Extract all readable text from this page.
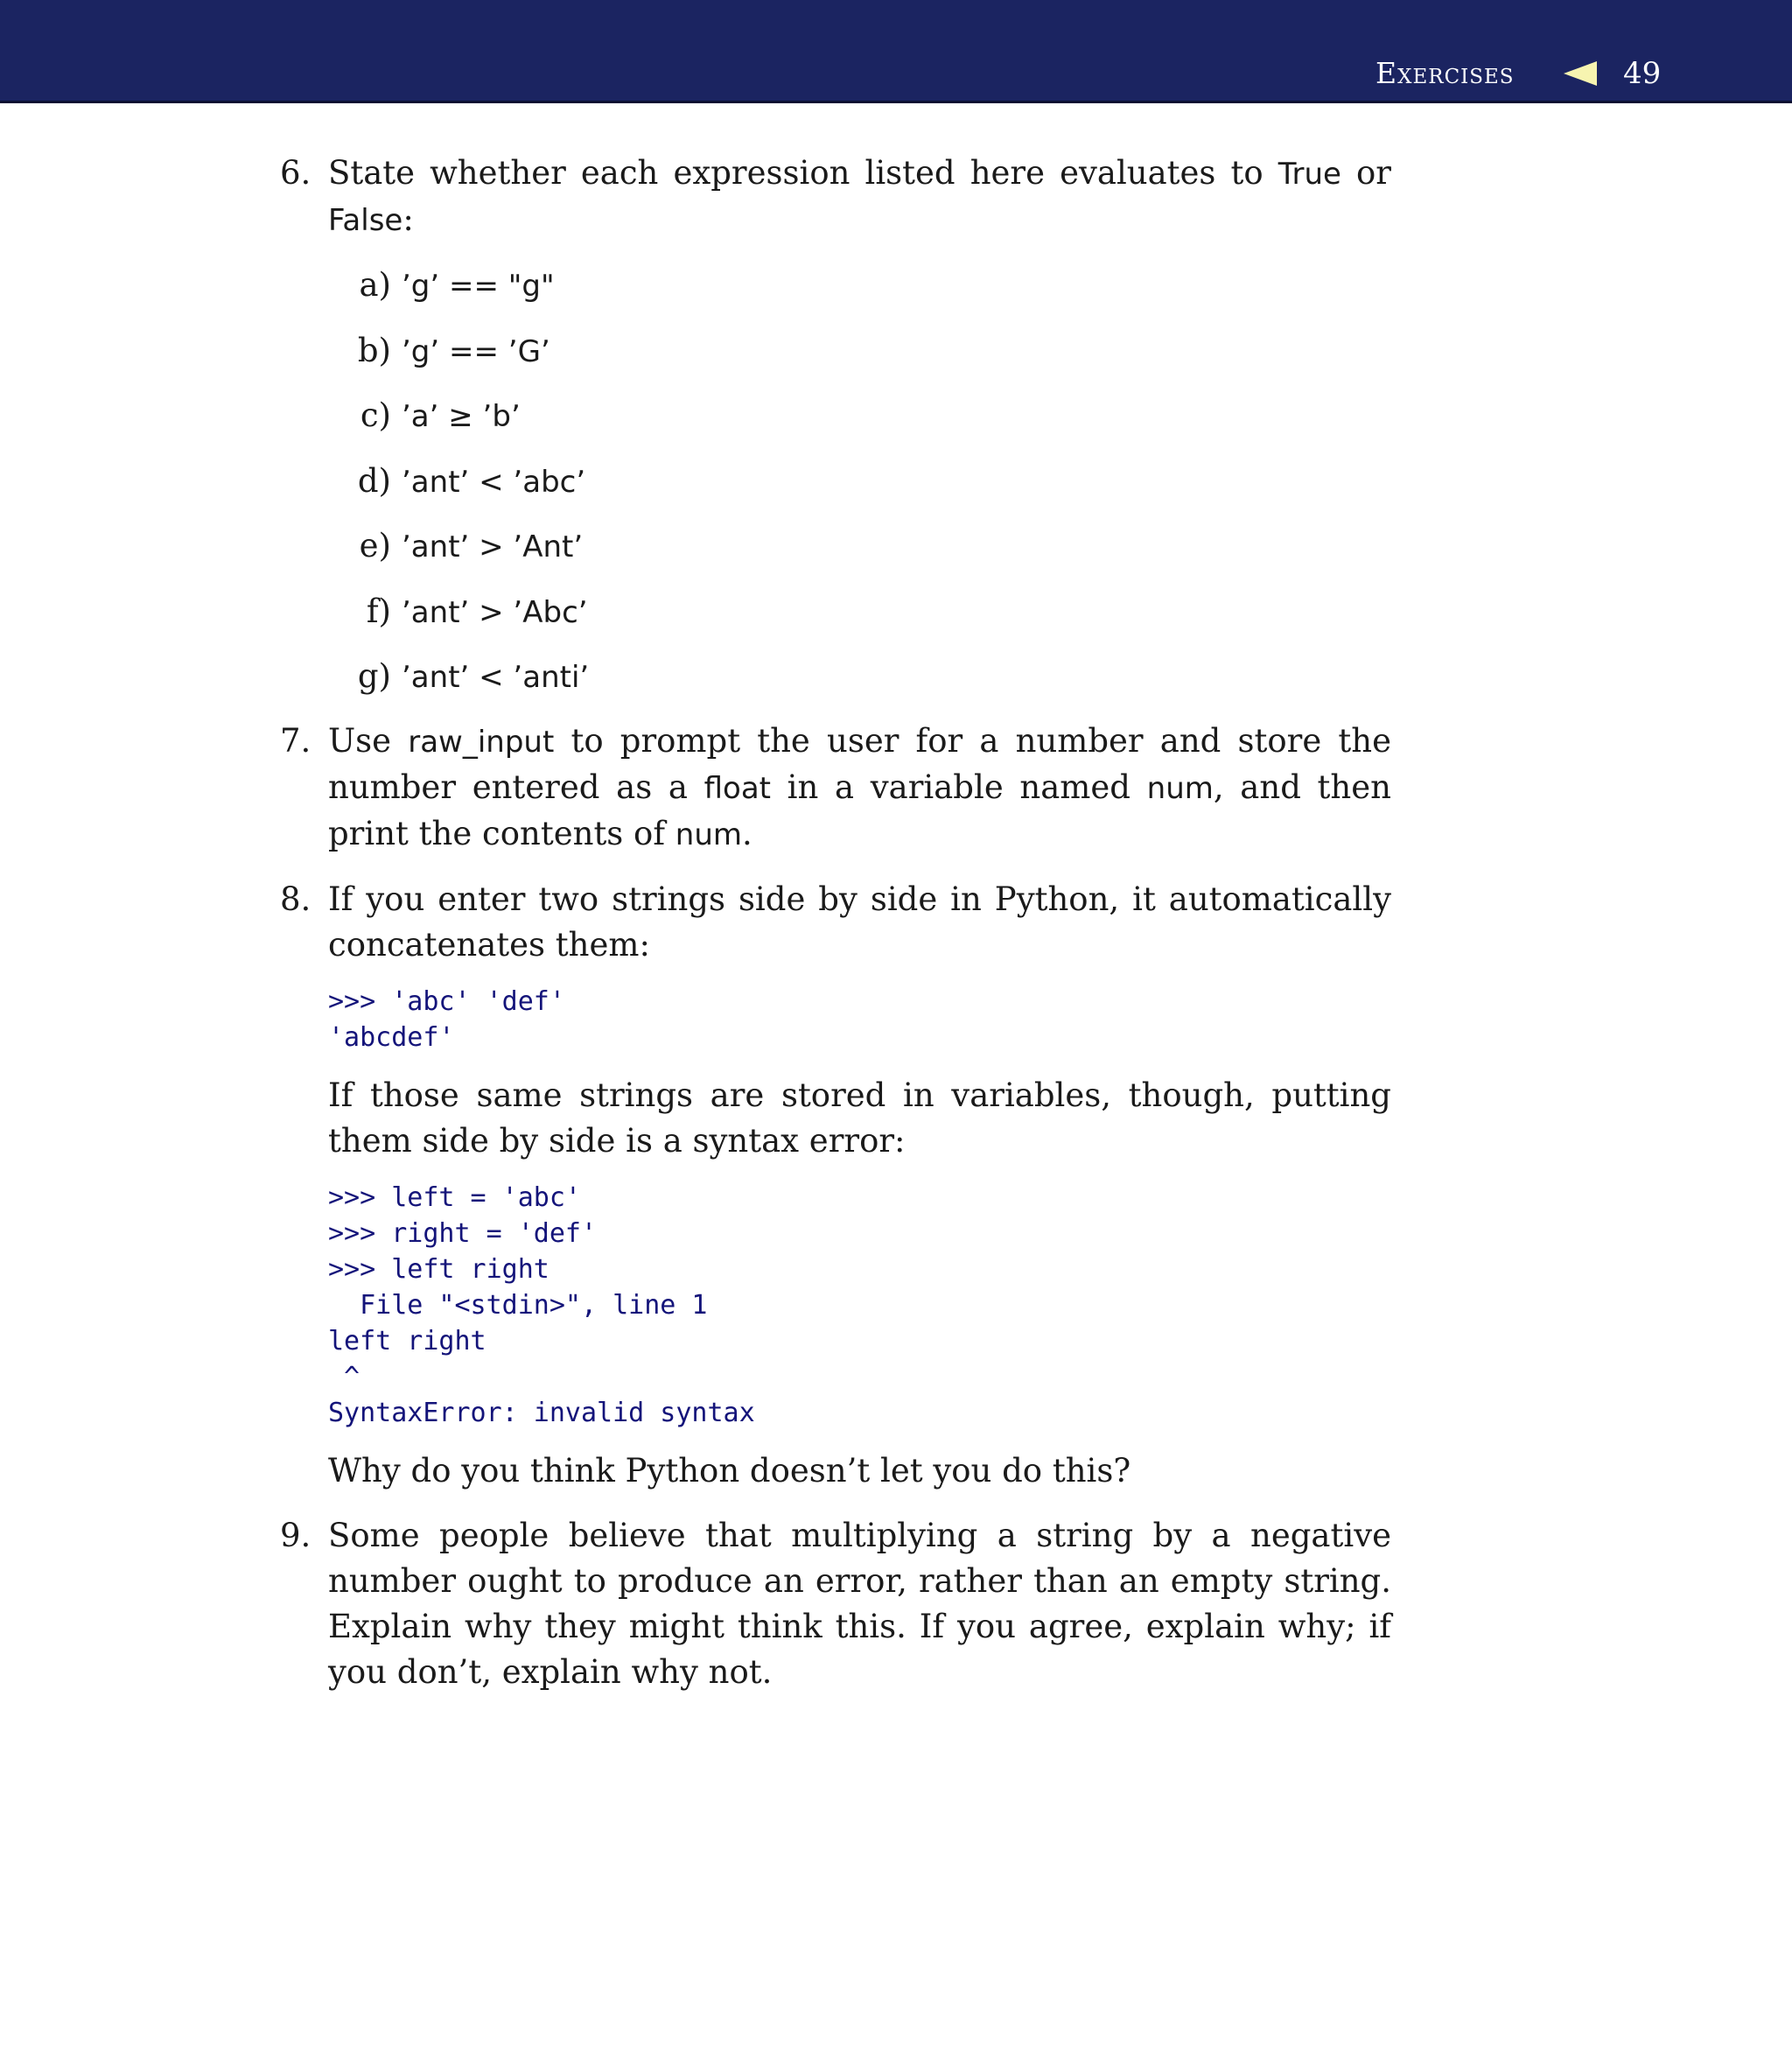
Exercises	49
6. State whether each expression listed here evaluates to True or False:

a) ’g’ == "g"
b) ’g’ == ’G’
c) ’a’ ≥ ’b’
d) ’ant’ < ’abc’
e) ’ant’ > ’Ant’
f) ’ant’ > ’Abc’
g) ’ant’ < ’anti’
7. Use raw_input to prompt the user for a number and store the number entered as a float in a variable named num, and then print the contents of num.

8. If you enter two strings side by side in Python, it automatically concatenates them:

>>> 'abc' 'def'
'abcdef'

If those same strings are stored in variables, though, putting them side by side is a syntax error:

>>> left = 'abc'
>>> right = 'def'
>>> left right
File "<stdin>", line 1
left right
^
SyntaxError: invalid syntax

Why do you think Python doesn’t let you do this?

9. Some people believe that multiplying a string by a negative number ought to produce an error, rather than an empty string. Explain why they might think this. If you agree, explain why; if you don’t, explain why not.
